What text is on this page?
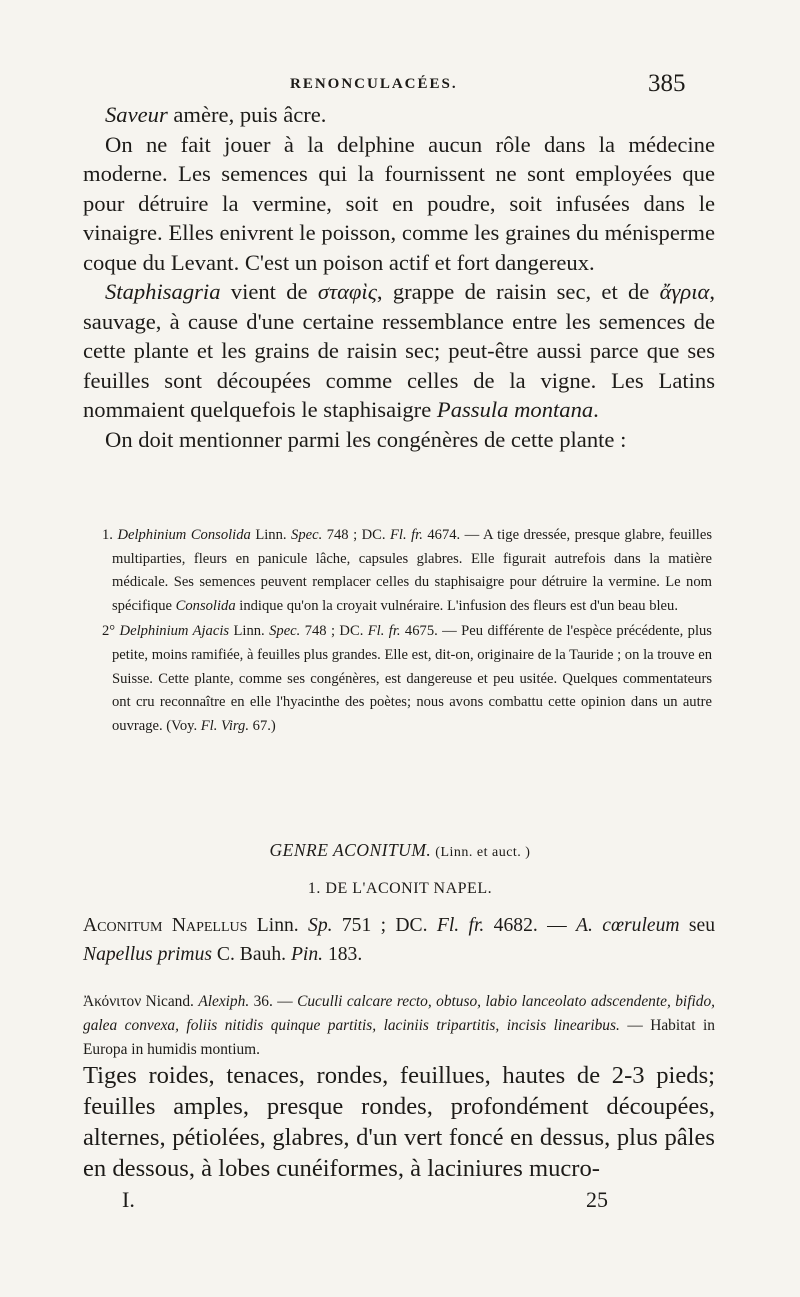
RENONCULACÉES.	385

Saveur amère, puis âcre.

On ne fait jouer à la delphine aucun rôle dans la médecine moderne. Les semences qui la fournissent ne sont employées que pour détruire la vermine, soit en poudre, soit infusées dans le vinaigre. Elles enivrent le poisson, comme les graines du ménisperme coque du Levant. C'est un poison actif et fort dangereux.

Staphisagria vient de σταφὶς, grappe de raisin sec, et de ἄγρια, sauvage, à cause d'une certaine ressemblance entre les semences de cette plante et les grains de raisin sec; peut-être aussi parce que ses feuilles sont découpées comme celles de la vigne. Les Latins nommaient quelquefois le staphisaigre Passula montana.

On doit mentionner parmi les congénères de cette plante :

1. Delphinium Consolida Linn. Spec. 748 ; DC. Fl. fr. 4674. — A tige dressée, presque glabre, feuilles multiparties, fleurs en panicule lâche, capsules glabres. Elle figurait autrefois dans la matière médicale. Ses semences peuvent remplacer celles du staphisaigre pour détruire la vermine. Le nom spécifique Consolida indique qu'on la croyait vulnéraire. L'infusion des fleurs est d'un beau bleu.

2° Delphinium Ajacis Linn. Spec. 748 ; DC. Fl. fr. 4675. — Peu différente de l'espèce précédente, plus petite, moins ramifiée, à feuilles plus grandes. Elle est, dit-on, originaire de la Tauride ; on la trouve en Suisse. Cette plante, comme ses congénères, est dangereuse et peu usitée. Quelques commentateurs ont cru reconnaître en elle l'hyacinthe des poètes; nous avons combattu cette opinion dans un autre ouvrage. (Voy. Fl. Virg. 67.)

GENRE ACONITUM. (Linn. et auct. )
1. DE L'ACONIT NAPEL.

Aconitum Napellus Linn. Sp. 751 ; DC. Fl. fr. 4682. — A. cœruleum seu Napellus primus C. Bauh. Pin. 183.

Ἀκόνιτον Nicand. Alexiph. 36. — Cuculli calcare recto, obtuso, labio lanceolato adscendente, bifido, galea convexa, foliis nitidis quinque partitis, laciniis tripartitis, incisis linearibus. — Habitat in Europa in humidis montium.

Tiges roides, tenaces, rondes, feuillues, hautes de 2-3 pieds; feuilles amples, presque rondes, profondément découpées, alternes, pétiolées, glabres, d'un vert foncé en dessus, plus pâles en dessous, à lobes cunéiformes, à laciniures mucro-

I.	25
